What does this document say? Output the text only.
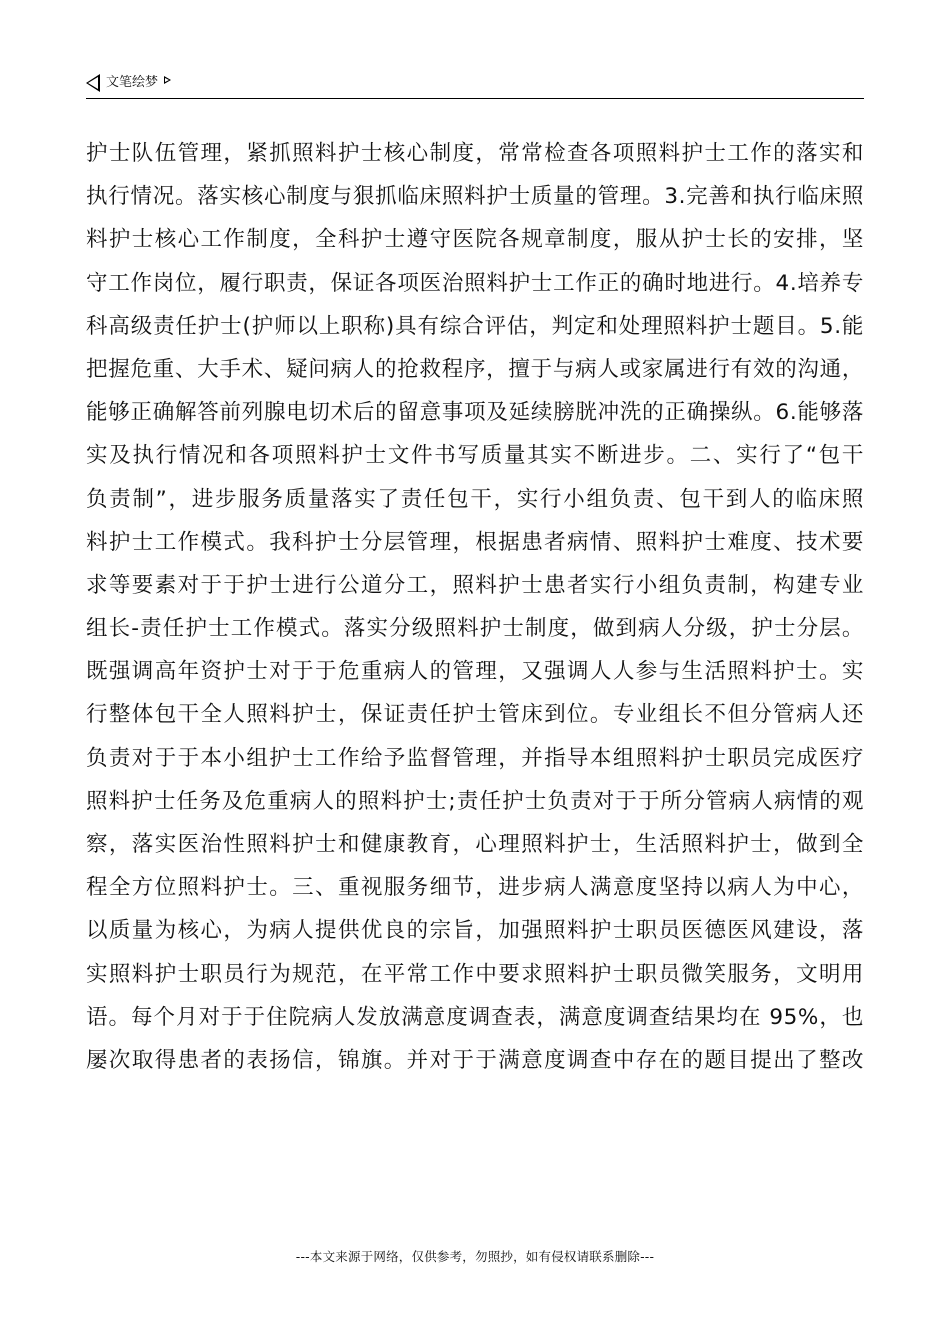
文笔绘梦
护士队伍管理，紧抓照料护士核心制度，常常检查各项照料护士工作的落实和
执行情况。落实核心制度与狠抓临床照料护士质量的管理。3.完善和执行临床照
料护士核心工作制度，全科护士遵守医院各规章制度，服从护士长的安排，坚
守工作岗位，履行职责，保证各项医治照料护士工作正的确时地进行。4.培养专
科高级责任护士(护师以上职称)具有综合评估，判定和处理照料护士题目。5.能
把握危重、大手术、疑问病人的抢救程序，擅于与病人或家属进行有效的沟通，
能够正确解答前列腺电切术后的留意事项及延续膀胱冲洗的正确操纵。6.能够落
实及执行情况和各项照料护士文件书写质量其实不断进步。二、实行了“包干
负责制”，进步服务质量落实了责任包干，实行小组负责、包干到人的临床照
料护士工作模式。我科护士分层管理，根据患者病情、照料护士难度、技术要
求等要素对于于护士进行公道分工，照料护士患者实行小组负责制，构建专业
组长-责任护士工作模式。落实分级照料护士制度，做到病人分级，护士分层。
既强调高年资护士对于于危重病人的管理，又强调人人参与生活照料护士。实
行整体包干全人照料护士，保证责任护士管床到位。专业组长不但分管病人还
负责对于于本小组护士工作给予监督管理，并指导本组照料护士职员完成医疗
照料护士任务及危重病人的照料护士;责任护士负责对于于所分管病人病情的观
察，落实医治性照料护士和健康教育，心理照料护士，生活照料护士，做到全
程全方位照料护士。三、重视服务细节，进步病人满意度坚持以病人为中心，
以质量为核心，为病人提供优良的宗旨，加强照料护士职员医德医风建设，落
实照料护士职员行为规范，在平常工作中要求照料护士职员微笑服务，文明用
语。每个月对于于住院病人发放满意度调查表，满意度调查结果均在 95%，也
屡次取得患者的表扬信，锦旗。并对于于满意度调查中存在的题目提出了整改
---本文来源于网络，仅供参考，勿照抄，如有侵权请联系删除---
